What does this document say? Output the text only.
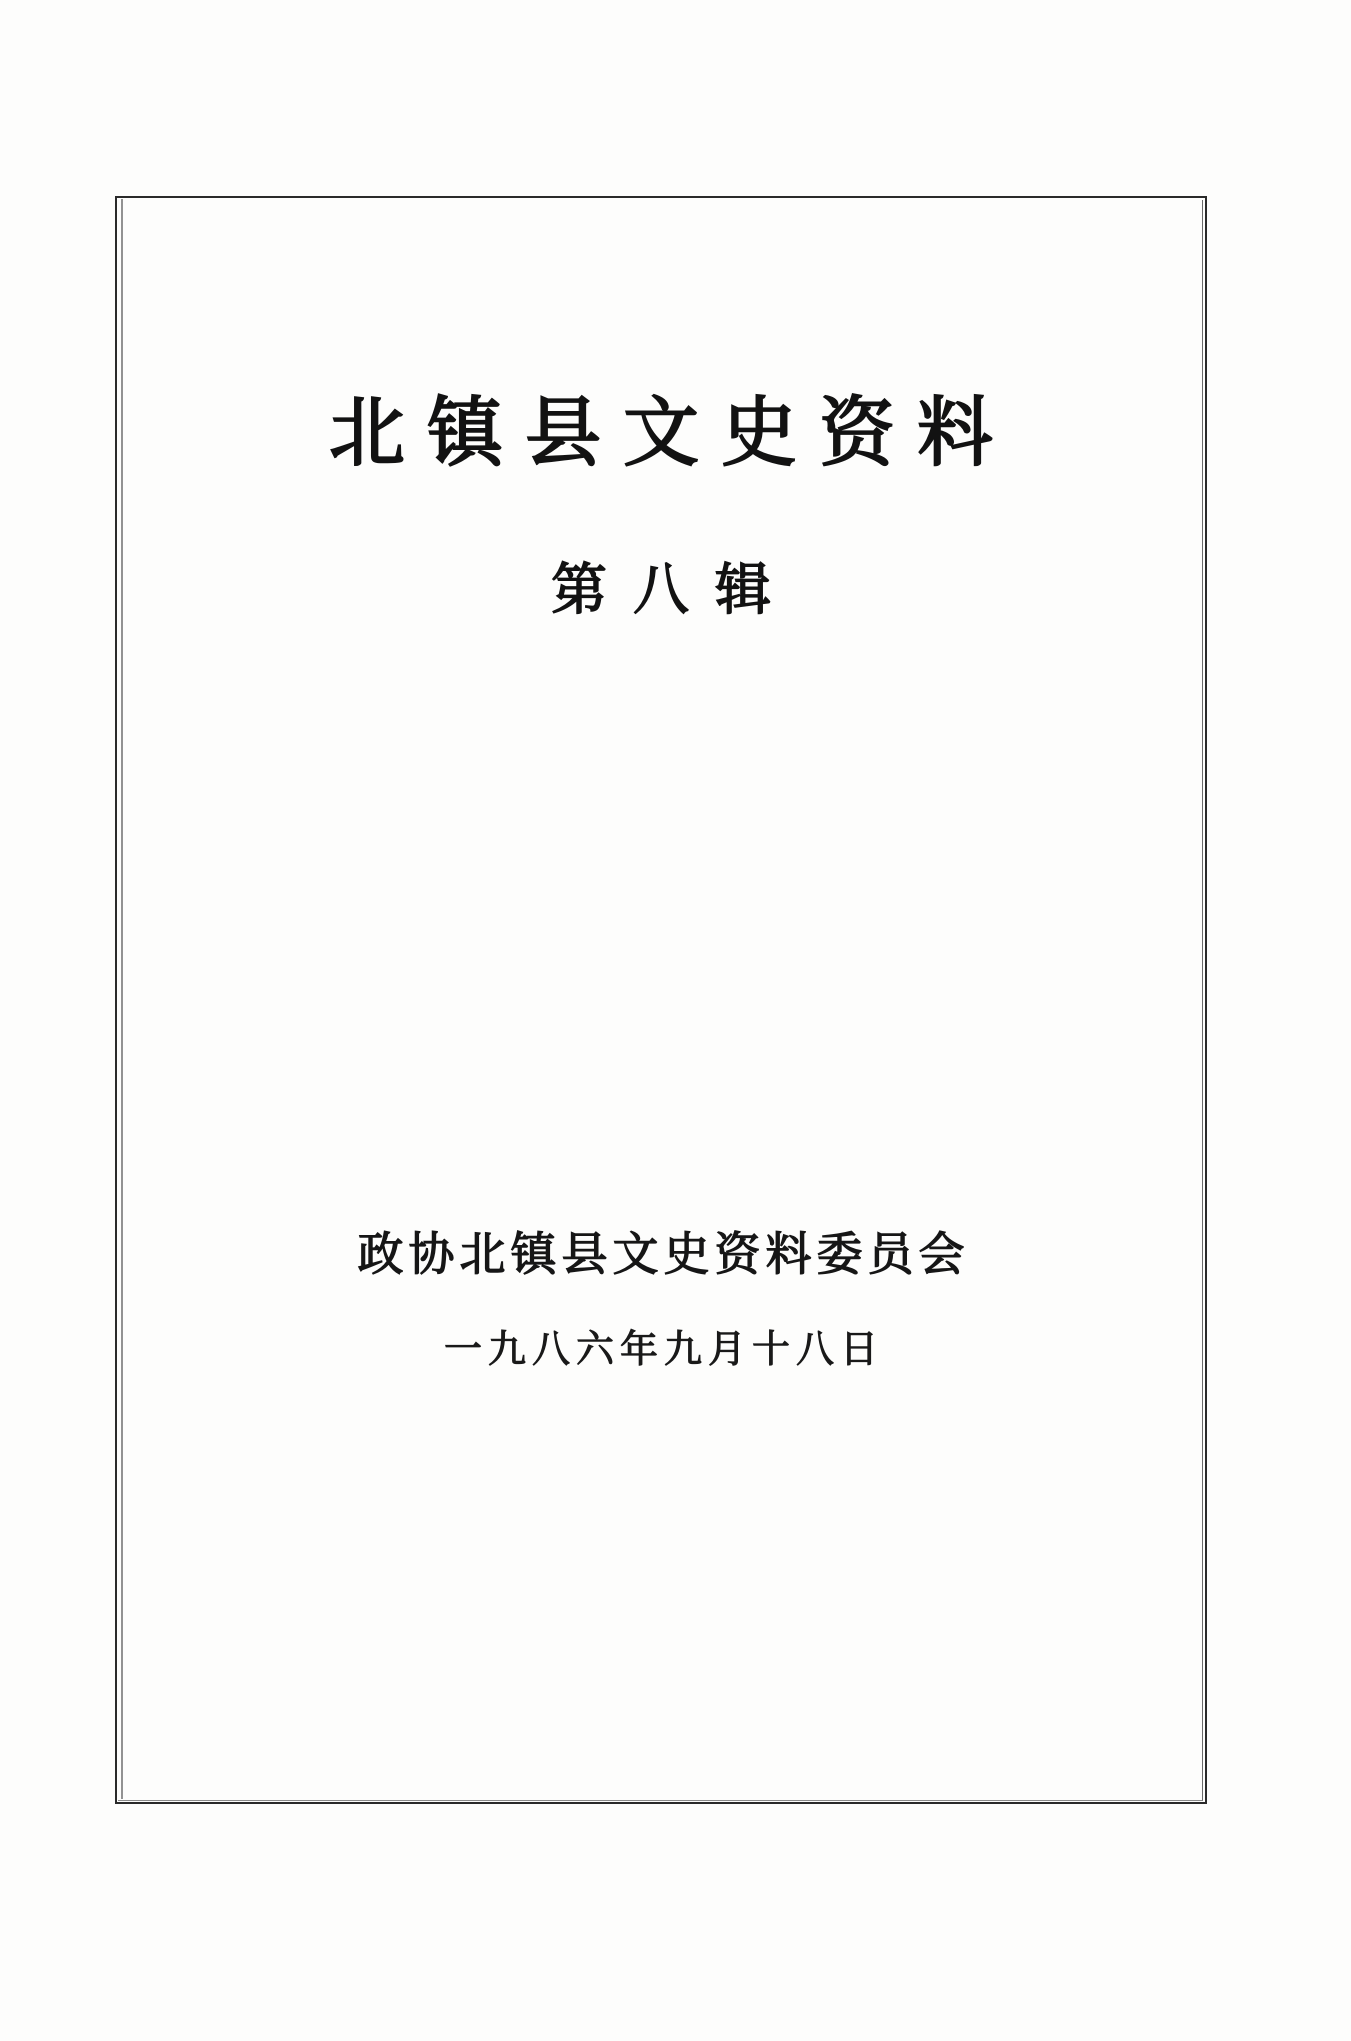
北镇县文史资料
第八辑
政协北镇县文史资料委员会
一九八六年九月十八日
